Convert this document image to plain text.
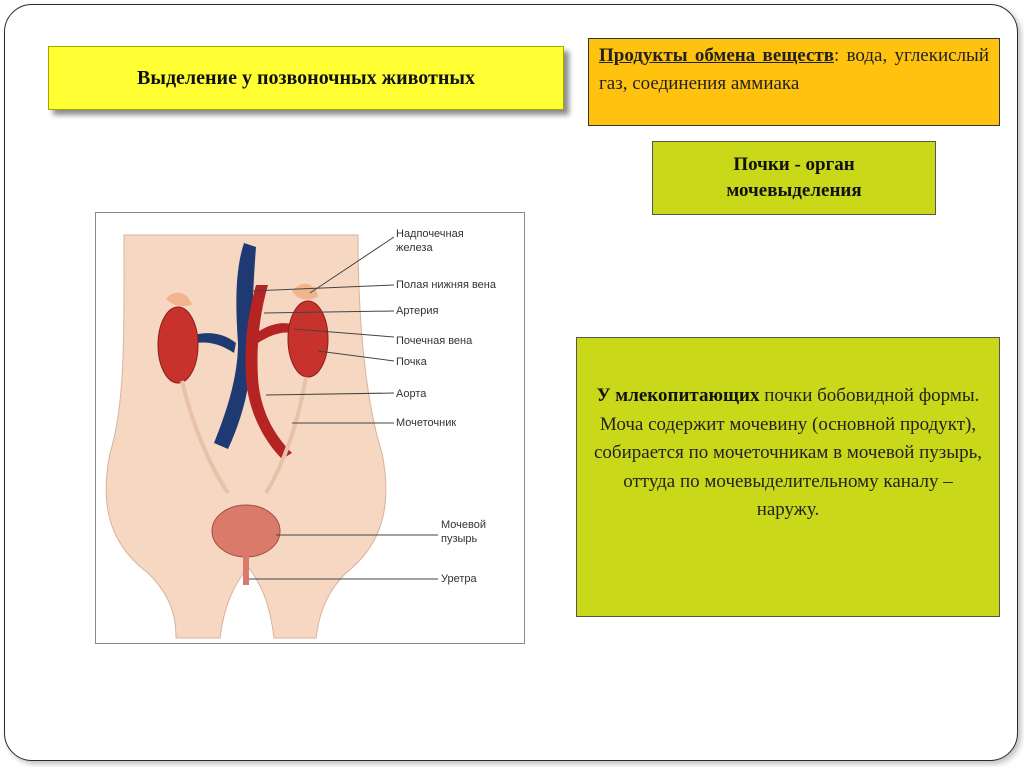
Выделение у позвоночных животных
Продукты обмена веществ: вода, углекислый газ, соединения аммиака
Почки - орган
мочевыделения
У млекопитающих почки бобовидной формы. Моча содержит мочевину (основной продукт), собирается по мочеточникам в мочевой пузырь, оттуда по мочевыделительному каналу – наружу.
Надпочечная
железа
Полая нижняя вена
Артерия
Почечная вена
Почка
Аорта
Мочеточник
Мочевой
пузырь
Уретра
